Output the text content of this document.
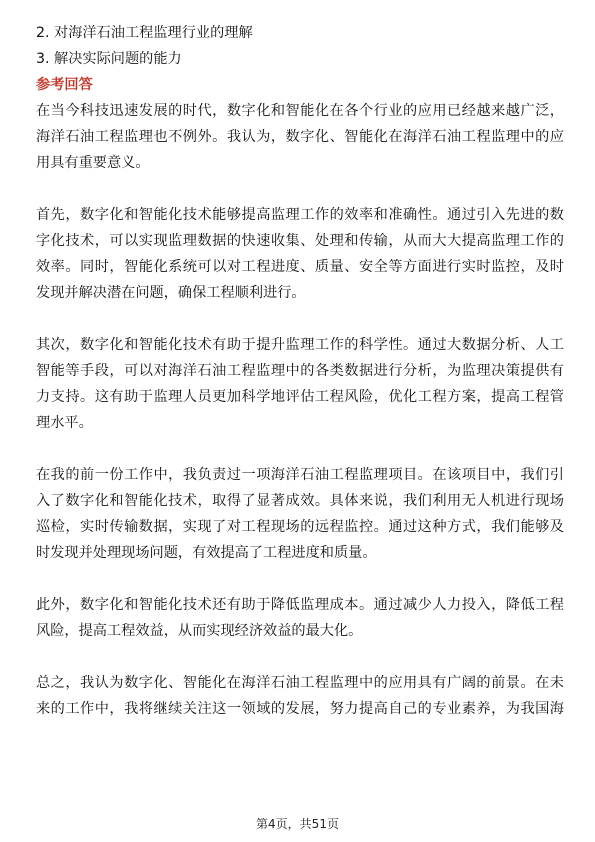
2. 对海洋石油工程监理行业的理解

3. 解决实际问题的能力

参考回答

在当今科技迅速发展的时代，数字化和智能化在各个行业的应用已经越来越广泛，

海洋石油工程监理也不例外。我认为，数字化、智能化在海洋石油工程监理中的应

用具有重要意义。

首先，数字化和智能化技术能够提高监理工作的效率和准确性。通过引入先进的数

字化技术，可以实现监理数据的快速收集、处理和传输，从而大大提高监理工作的

效率。同时，智能化系统可以对工程进度、质量、安全等方面进行实时监控，及时

发现并解决潜在问题，确保工程顺利进行。

其次，数字化和智能化技术有助于提升监理工作的科学性。通过大数据分析、人工

智能等手段，可以对海洋石油工程监理中的各类数据进行分析，为监理决策提供有

力支持。这有助于监理人员更加科学地评估工程风险，优化工程方案，提高工程管

理水平。

在我的前一份工作中，我负责过一项海洋石油工程监理项目。在该项目中，我们引

入了数字化和智能化技术，取得了显著成效。具体来说，我们利用无人机进行现场

巡检，实时传输数据，实现了对工程现场的远程监控。通过这种方式，我们能够及

时发现并处理现场问题，有效提高了工程进度和质量。

此外，数字化和智能化技术还有助于降低监理成本。通过减少人力投入，降低工程

风险，提高工程效益，从而实现经济效益的最大化。

总之，我认为数字化、智能化在海洋石油工程监理中的应用具有广阔的前景。在未

来的工作中，我将继续关注这一领域的发展，努力提高自己的专业素养，为我国海

第4页，共51页
